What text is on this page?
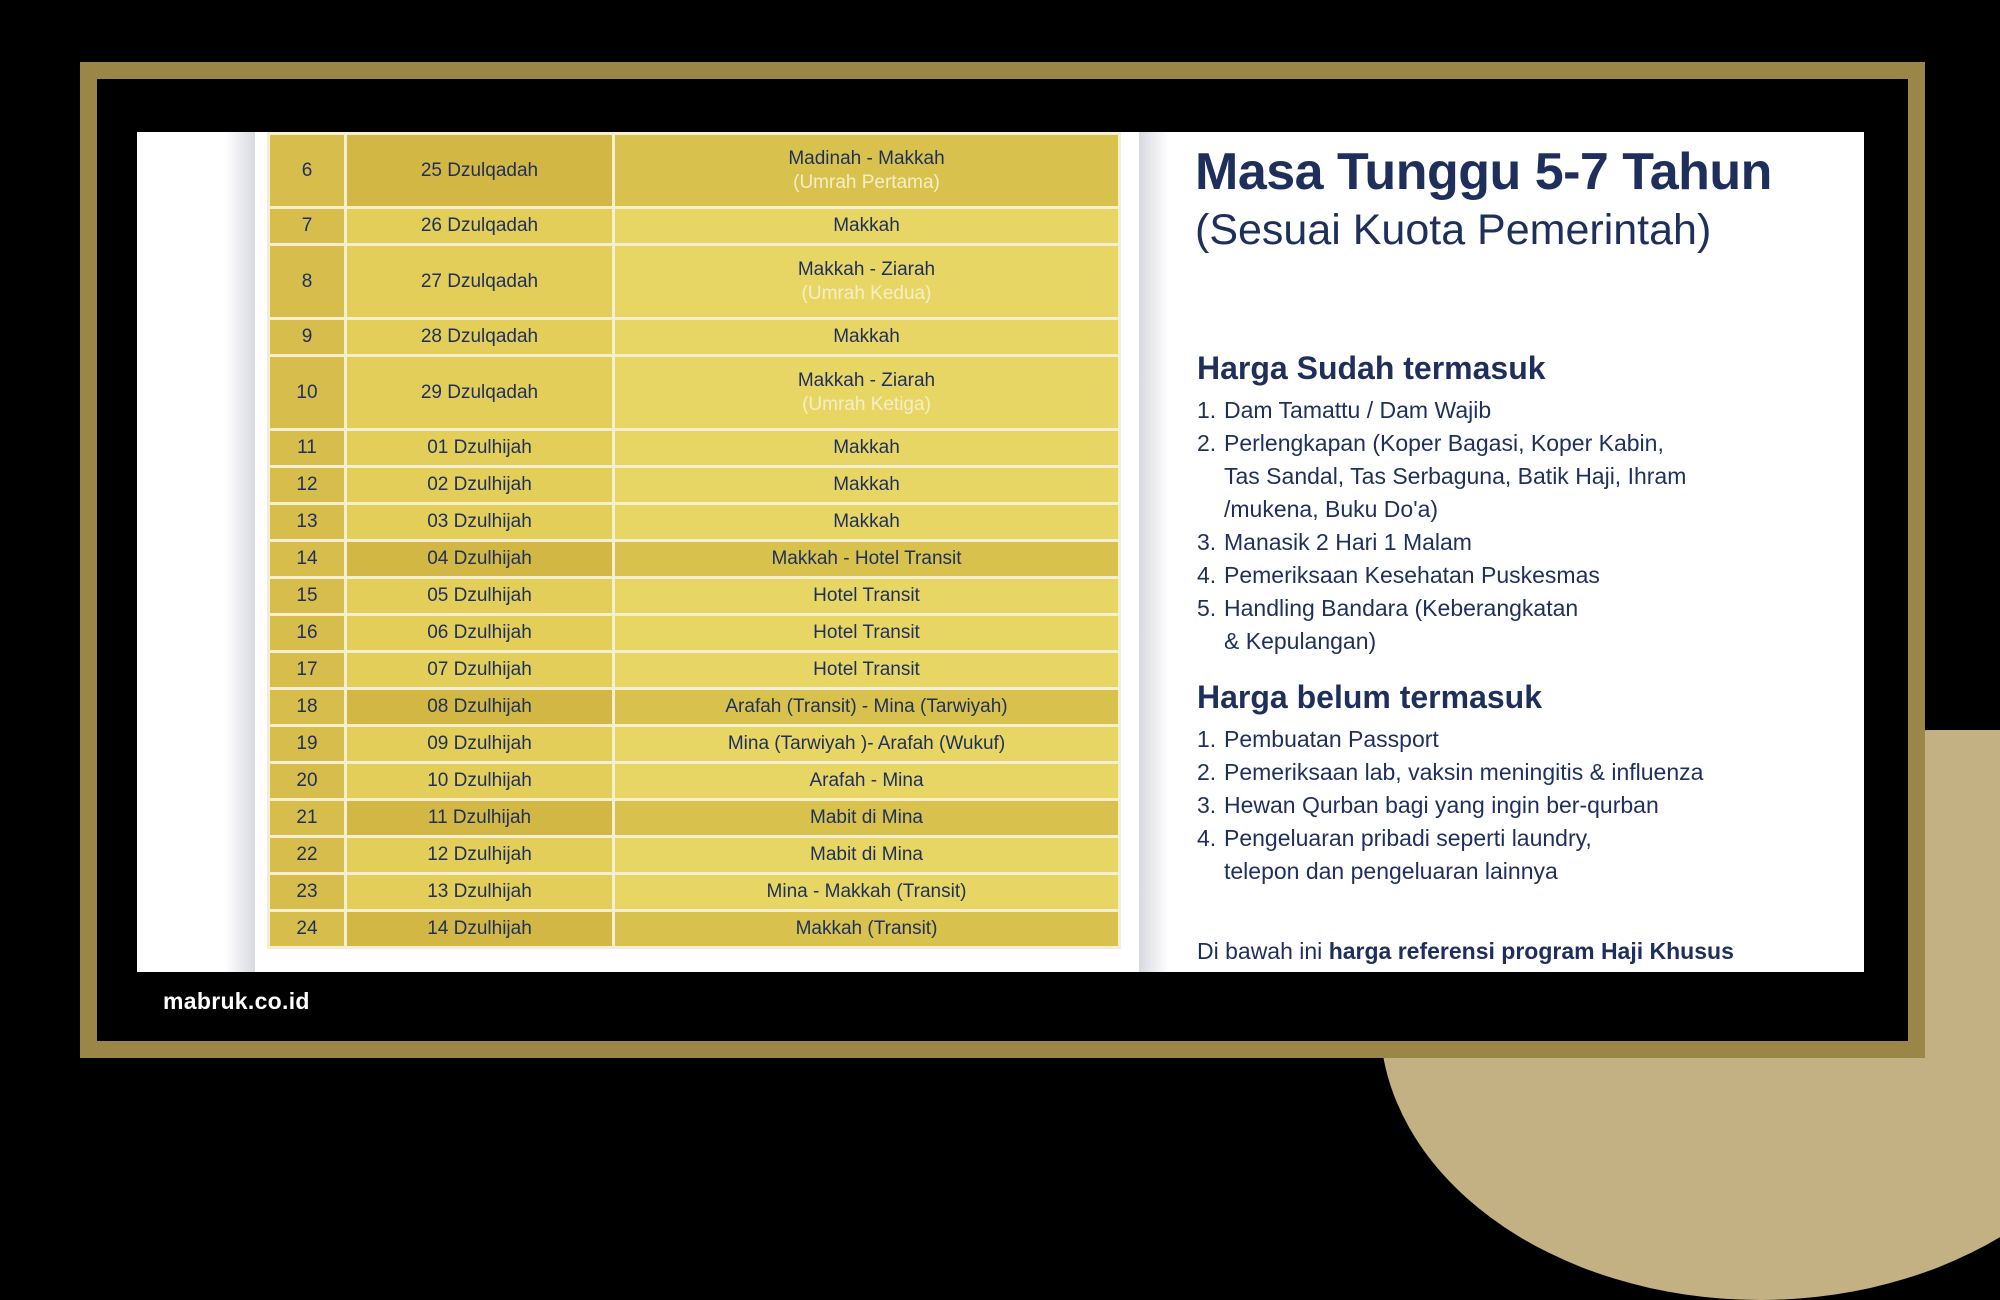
6	25 Dzulqadah	Madinah - Makkah
(Umrah Pertama)

7	26 Dzulqadah	Makkah

8	27 Dzulqadah	Makkah - Ziarah
(Umrah Kedua)

9	28 Dzulqadah	Makkah

10	29 Dzulqadah	Makkah - Ziarah
(Umrah Ketiga)

11	01 Dzulhijah	Makkah

12	02 Dzulhijah	Makkah

13	03 Dzulhijah	Makkah

14	04 Dzulhijah	Makkah - Hotel Transit

15	05 Dzulhijah	Hotel Transit

16	06 Dzulhijah	Hotel Transit

17	07 Dzulhijah	Hotel Transit

18	08 Dzulhijah	Arafah (Transit) - Mina (Tarwiyah)

19	09 Dzulhijah	Mina (Tarwiyah )- Arafah (Wukuf)

20	10 Dzulhijah	Arafah - Mina

21	11 Dzulhijah	Mabit di Mina

22	12 Dzulhijah	Mabit di Mina

23	13 Dzulhijah	Mina - Makkah (Transit)

24	14 Dzulhijah	Makkah (Transit)
Masa Tunggu 5-7 Tahun
(Sesuai Kuota Pemerintah)
Harga Sudah termasuk
1. Dam Tamattu / Dam Wajib
2. Perlengkapan (Koper Bagasi, Koper Kabin,
Tas Sandal, Tas Serbaguna, Batik Haji, Ihram
/mukena, Buku Do'a)
3. Manasik 2 Hari 1 Malam
4. Pemeriksaan Kesehatan Puskesmas
5. Handling Bandara (Keberangkatan
& Kepulangan)
Harga belum termasuk
1. Pembuatan Passport
2. Pemeriksaan lab, vaksin meningitis & influenza
3. Hewan Qurban bagi yang ingin ber-qurban
4. Pengeluaran pribadi seperti laundry,
telepon dan pengeluaran lainnya
Di bawah ini harga referensi program Haji Khusus
mabruk.co.id
